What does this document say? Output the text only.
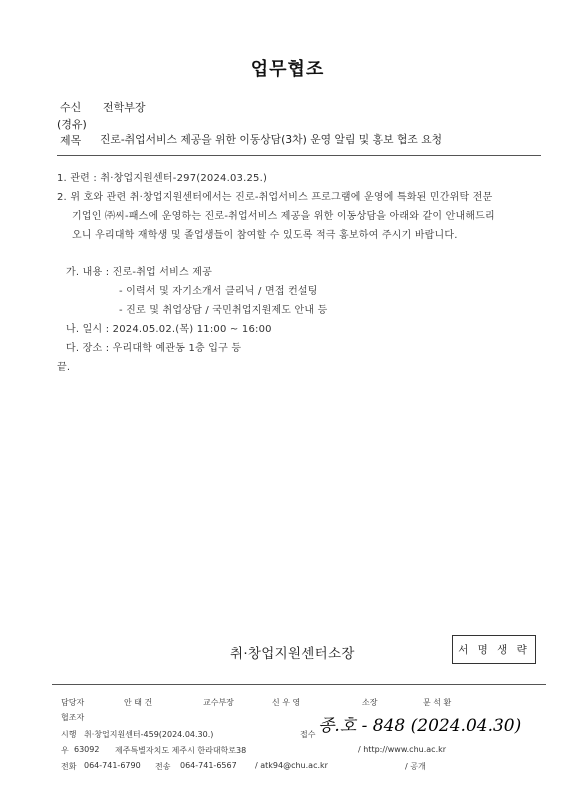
업무협조
수신 전학부장
(경유)
제목 진로-취업서비스 제공을 위한 이동상담(3차) 운영 알림 및 홍보 협조 요청
1. 관련 : 취·창업지원센터-297(2024.03.25.)
2. 위 호와 관련 취·창업지원센터에서는 진로-취업서비스 프로그램에 운영에 특화된 민간위탁 전문
기업인 ㈜씨-패스에 운영하는 진로-취업서비스 제공을 위한 이동상담을 아래와 같이 안내해드리
오니 우리대학 재학생 및 졸업생들이 참여할 수 있도록 적극 홍보하여 주시기 바랍니다.
가. 내용 : 진로-취업 서비스 제공
- 이력서 및 자기소개서 클리닉 / 면접 컨설팅
- 진로 및 취업상담 / 국민취업지원제도 안내 등
나. 일시 : 2024.05.02.(목) 11:00 ~ 16:00
다. 장소 : 우리대학 예관동 1층 입구 등
끝.
취·창업지원센터소장	서 명 생 략
담당자	안 태 건	교수부장	신 우 영	소장	문 석 환
협조자
시행 취·창업지원센터-459(2024.04.30.)	접수 종.호 - 848 (2024.04.30)
우 63092 제주특별자치도 제주시 한라대학로38	/ http://www.chu.ac.kr
전화 064-741-6790 전송 064-741-6567 / atk94@chu.ac.kr	/ 공개
